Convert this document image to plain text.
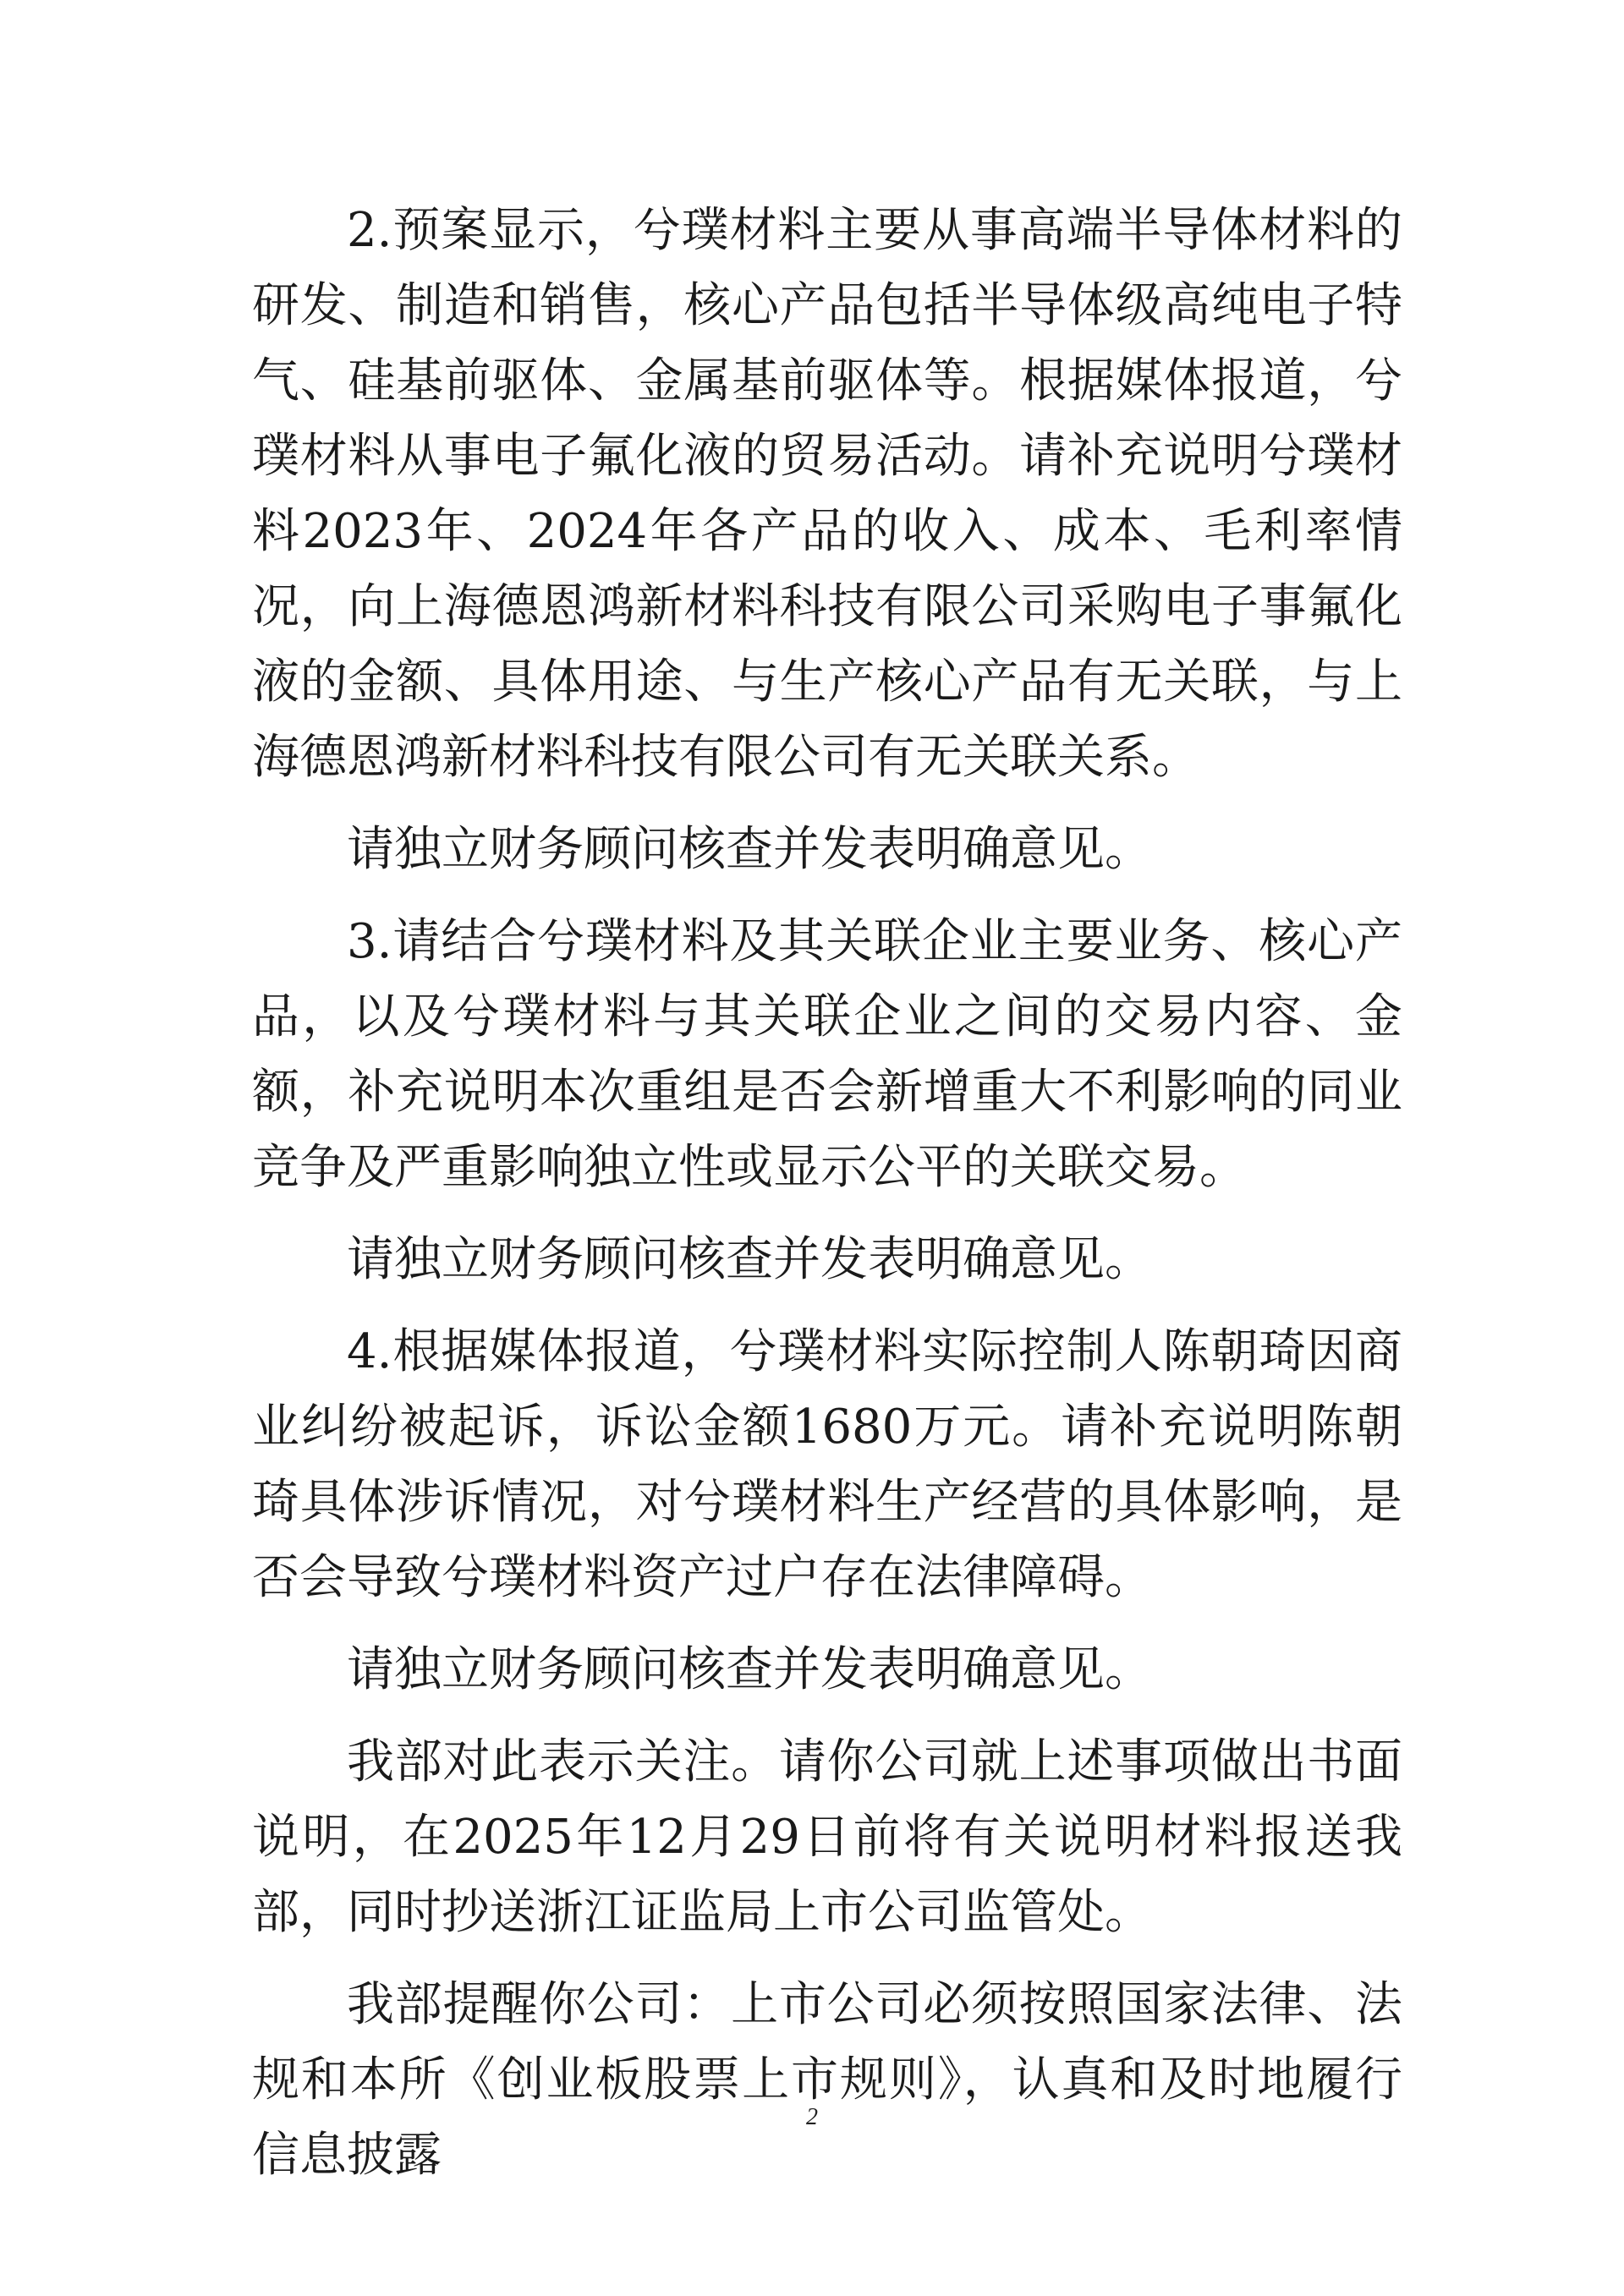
2.预案显示，兮璞材料主要从事高端半导体材料的研发、制造和销售，核心产品包括半导体级高纯电子特气、硅基前驱体、金属基前驱体等。根据媒体报道，兮璞材料从事电子氟化液的贸易活动。请补充说明兮璞材料2023年、2024年各产品的收入、成本、毛利率情况，向上海德恩鸿新材料科技有限公司采购电子事氟化液的金额、具体用途、与生产核心产品有无关联，与上海德恩鸿新材料科技有限公司有无关联关系。

请独立财务顾问核查并发表明确意见。

3.请结合兮璞材料及其关联企业主要业务、核心产品，以及兮璞材料与其关联企业之间的交易内容、金额，补充说明本次重组是否会新增重大不利影响的同业竞争及严重影响独立性或显示公平的关联交易。

请独立财务顾问核查并发表明确意见。

4.根据媒体报道，兮璞材料实际控制人陈朝琦因商业纠纷被起诉，诉讼金额1680万元。请补充说明陈朝琦具体涉诉情况，对兮璞材料生产经营的具体影响，是否会导致兮璞材料资产过户存在法律障碍。

请独立财务顾问核查并发表明确意见。

我部对此表示关注。请你公司就上述事项做出书面说明，在2025年12月29日前将有关说明材料报送我部，同时抄送浙江证监局上市公司监管处。

我部提醒你公司：上市公司必须按照国家法律、法规和本所《创业板股票上市规则》，认真和及时地履行信息披露

2
